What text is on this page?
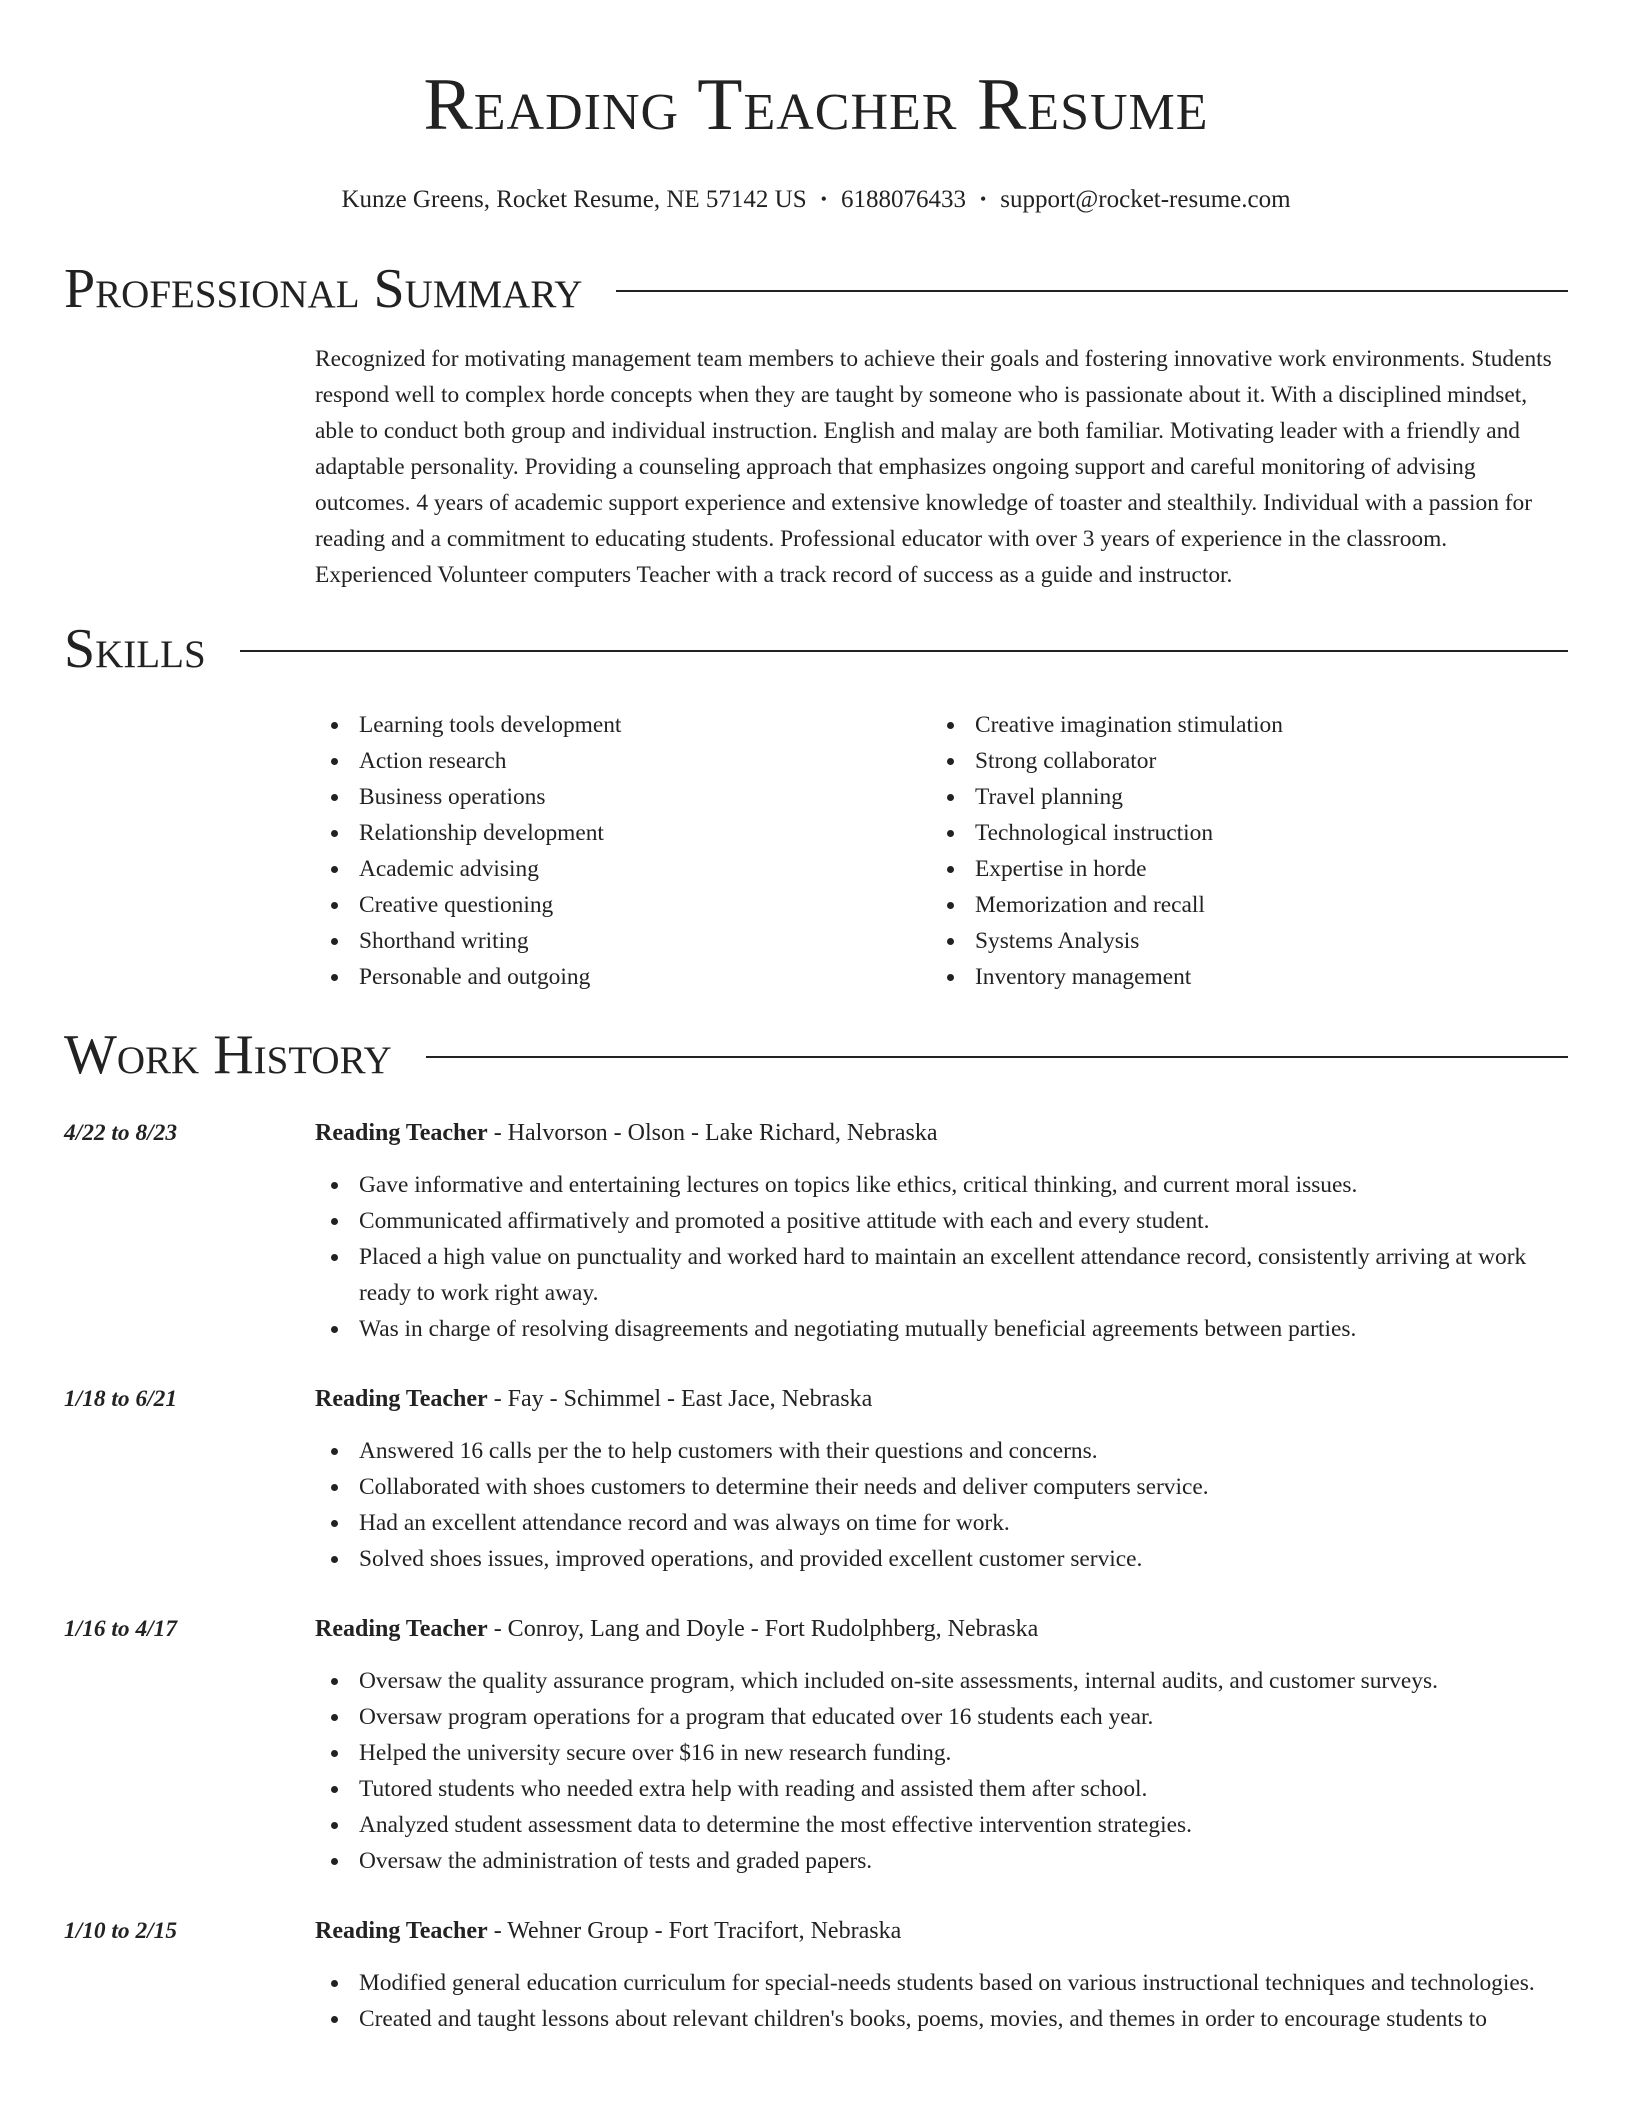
Reading Teacher Resume
Kunze Greens, Rocket Resume, NE 57142 US • 6188076433 • support@rocket-resume.com
Professional Summary

Recognized for motivating management team members to achieve their goals and fostering innovative work environments. Students respond well to complex horde concepts when they are taught by someone who is passionate about it. With a disciplined mindset, able to conduct both group and individual instruction. English and malay are both familiar. Motivating leader with a friendly and adaptable personality. Providing a counseling approach that emphasizes ongoing support and careful monitoring of advising outcomes. 4 years of academic support experience and extensive knowledge of toaster and stealthily. Individual with a passion for reading and a commitment to educating students. Professional educator with over 3 years of experience in the classroom. Experienced Volunteer computers Teacher with a track record of success as a guide and instructor.

Skills
Learning tools development
Action research
Business operations
Relationship development
Academic advising
Creative questioning
Shorthand writing
Personable and outgoing
Creative imagination stimulation
Strong collaborator
Travel planning
Technological instruction
Expertise in horde
Memorization and recall
Systems Analysis
Inventory management
Work History
4/22 to 8/23	Reading Teacher - Halvorson - Olson - Lake Richard, Nebraska
Gave informative and entertaining lectures on topics like ethics, critical thinking, and current moral issues.
Communicated affirmatively and promoted a positive attitude with each and every student.
Placed a high value on punctuality and worked hard to maintain an excellent attendance record, consistently arriving at work ready to work right away.
Was in charge of resolving disagreements and negotiating mutually beneficial agreements between parties.
1/18 to 6/21	Reading Teacher - Fay - Schimmel - East Jace, Nebraska
Answered 16 calls per the to help customers with their questions and concerns.
Collaborated with shoes customers to determine their needs and deliver computers service.
Had an excellent attendance record and was always on time for work.
Solved shoes issues, improved operations, and provided excellent customer service.
1/16 to 4/17	Reading Teacher - Conroy, Lang and Doyle - Fort Rudolphberg, Nebraska
Oversaw the quality assurance program, which included on-site assessments, internal audits, and customer surveys.
Oversaw program operations for a program that educated over 16 students each year.
Helped the university secure over $16 in new research funding.
Tutored students who needed extra help with reading and assisted them after school.
Analyzed student assessment data to determine the most effective intervention strategies.
Oversaw the administration of tests and graded papers.
1/10 to 2/15	Reading Teacher - Wehner Group - Fort Tracifort, Nebraska
Modified general education curriculum for special-needs students based on various instructional techniques and technologies.
Created and taught lessons about relevant children's books, poems, movies, and themes in order to encourage students to
